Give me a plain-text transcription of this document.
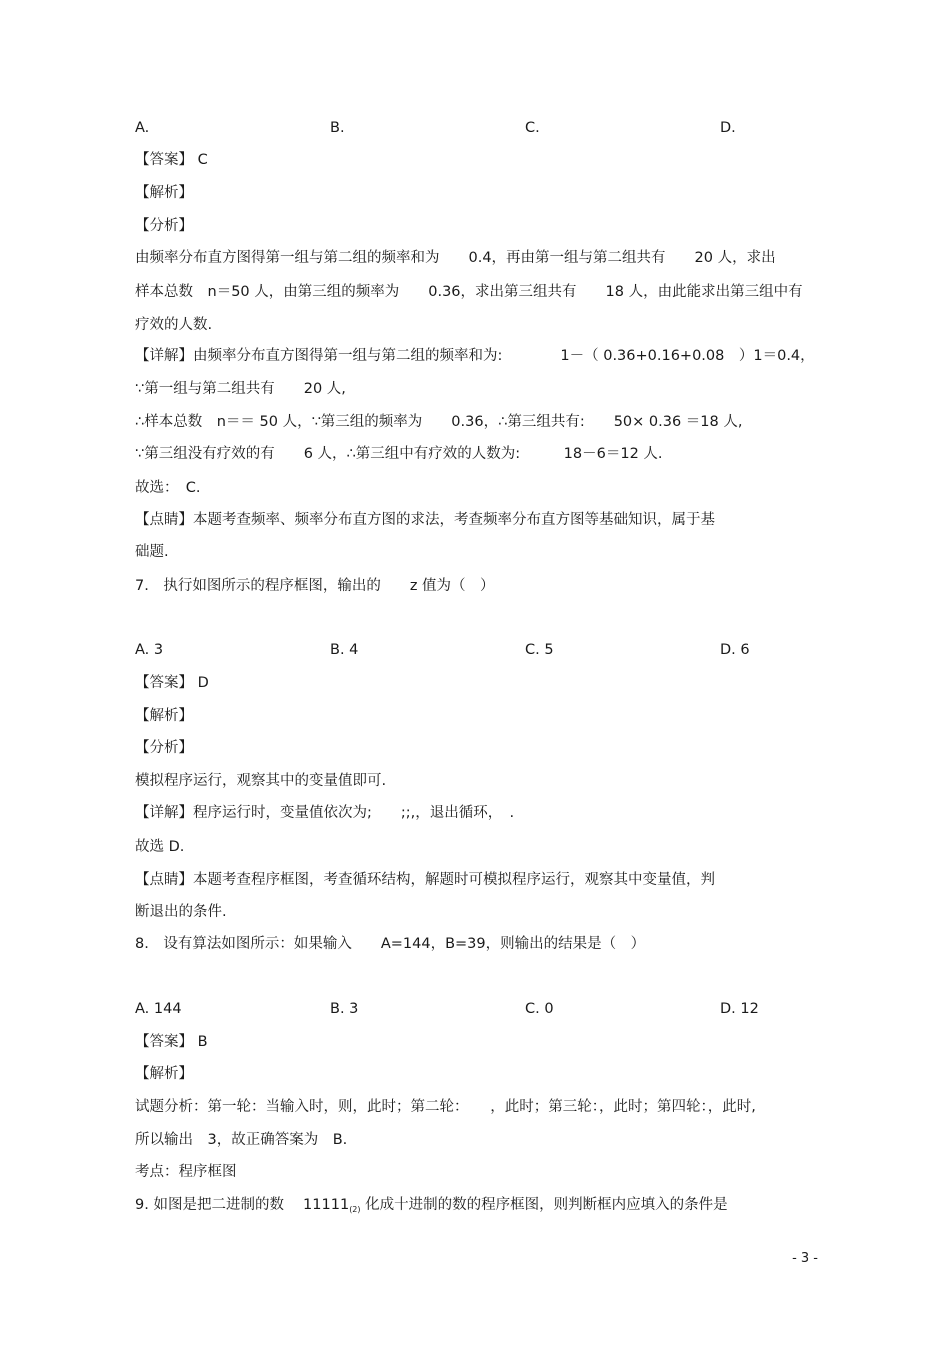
A.	B.	C.	D.
【答案】 C
【解析】
【分析】
由频率分布直方图得第一组与第二组的频率和为　　0.4，再由第一组与第二组共有　　20 人，求出
样本总数　n＝50 人，由第三组的频率为　　0.36，求出第三组共有　　18 人，由此能求出第三组中有
疗效的人数.
【详解】由频率分布直方图得第一组与第二组的频率和为:　　　　1－（ 0.36+0.16+0.08　）1＝0.4，
∵第一组与第二组共有　　20 人,
∴样本总数　n＝＝ 50 人，∵第三组的频率为　　0.36，∴第三组共有:　　50× 0.36 ＝18 人,
∵第三组没有疗效的有　　6 人，∴第三组中有疗效的人数为:　　　18－6＝12 人.
故选：　C.
【点睛】本题考查频率、频率分布直方图的求法，考查频率分布直方图等基础知识，属于基
础题.
7.　执行如图所示的程序框图，输出的　　z 值为（　）
A. 3	B. 4	C. 5	D. 6
【答案】 D
【解析】
【分析】
模拟程序运行，观察其中的变量值即可.
【详解】程序运行时，变量值依次为;　　;;,，退出循环，　.
故选 D.
【点睛】本题考查程序框图，考查循环结构，解题时可模拟程序运行，观察其中变量值，判
断退出的条件.
8.　设有算法如图所示：如果输入　　A=144，B=39，则输出的结果是（　）
A. 144	B. 3	C. 0	D. 12
【答案】 B
【解析】
试题分析：第一轮：当输入时，则，此时；第二轮：　　，此时；第三轮：，此时；第四轮：，此时,
所以输出　3，故正确答案为　B.
考点：程序框图
9. 如图是把二进制的数　 $11111_{(2)}$ 化成十进制的数的程序框图，则判断框内应填入的条件是
- 3 -
